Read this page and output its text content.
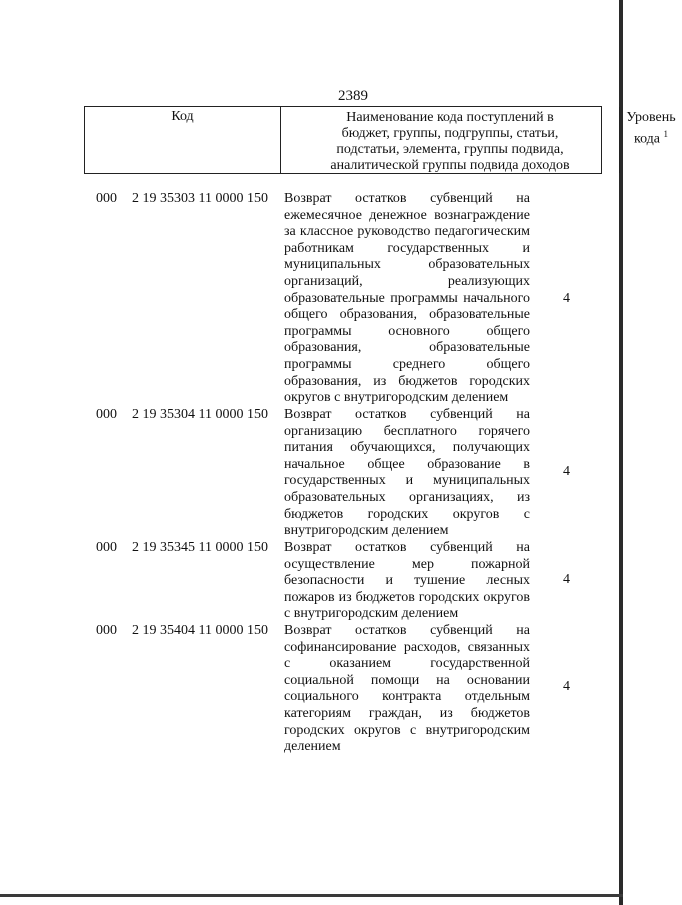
2389
Код	Наименование кода поступлений в
бюджет, группы, подгруппы, статьи,
подстатьи, элемента, группы подвида,
аналитической группы подвида доходов
Уровень
кода $^1$
000 2 19 35303 11 0000 150 Возврат остатков субвенций на
ежемесячное денежное вознаграждение
за классное руководство педагогическим
работникам государственных и
муниципальных образовательных
организаций, реализующих
образовательные программы начального
общего образования, образовательные
программы основного общего
образования, образовательные
программы среднего общего
образования, из бюджетов городских
округов с внутригородским делением
4
000 2 19 35304 11 0000 150 Возврат остатков субвенций на
организацию бесплатного горячего
питания обучающихся, получающих
начальное общее образование в
государственных и муниципальных
образовательных организациях, из
бюджетов городских округов с
внутригородским делением
4
000 2 19 35345 11 0000 150 Возврат остатков субвенций на
осуществление мер пожарной
безопасности и тушение лесных
пожаров из бюджетов городских округов
с внутригородским делением
4
000 2 19 35404 11 0000 150 Возврат остатков субвенций на
софинансирование расходов, связанных
с оказанием государственной
социальной помощи на основании
социального контракта отдельным
категориям граждан, из бюджетов
городских округов с внутригородским
делением
4
